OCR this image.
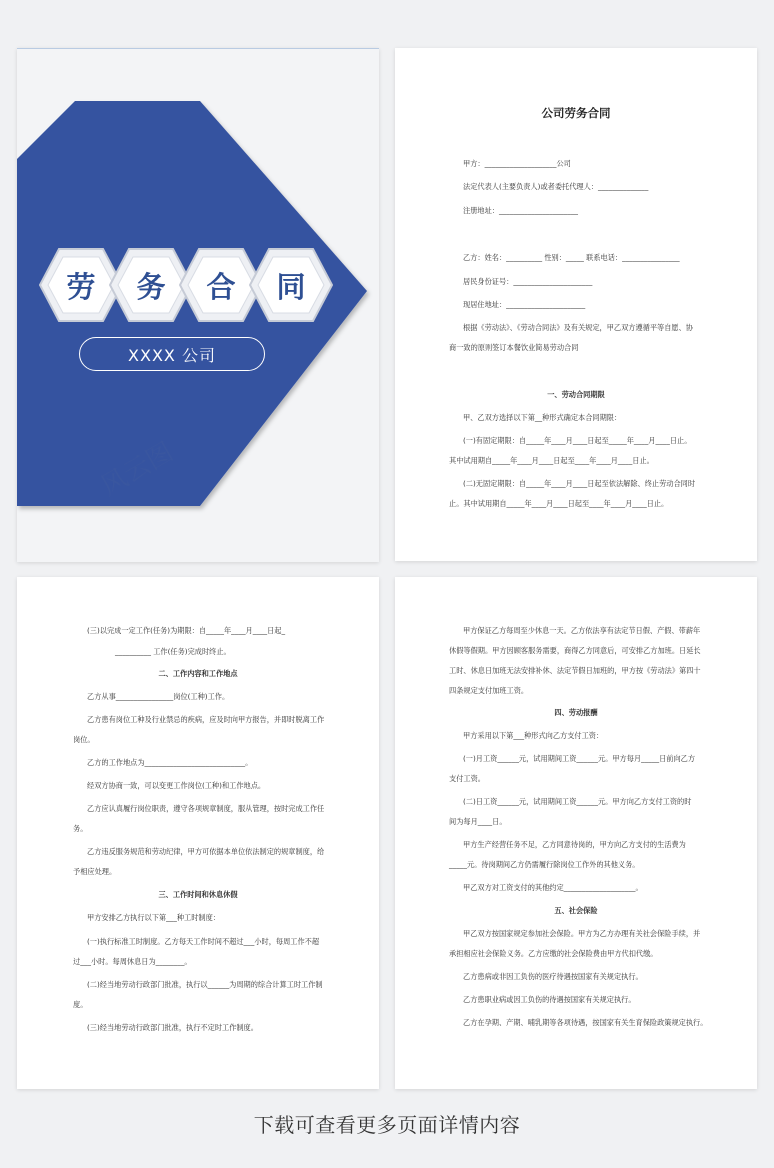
风云图
劳	务	合	同
XXXX 公司
公司劳务合同
甲方：____________________公司
法定代表人(主要负责人)或者委托代理人：______________
注册地址：______________________
乙方：姓名：__________ 性别：_____ 联系电话：________________
居民身份证号：______________________
现居住地址：______________________
根据《劳动法》、《劳动合同法》及有关规定，甲乙双方遵循平等自愿、协
商一致的原则签订本餐饮业简易劳动合同
一、劳动合同期限
甲、乙双方选择以下第__种形式确定本合同期限：
(一)有固定期限：自_____年____月____日起至_____年____月____日止。
其中试用期自_____年____月____日起至____年____月____日止。
(二)无固定期限：自_____年____月____日起至依法解除、终止劳动合同时
止。其中试用期自_____年____月____日起至____年____月____日止。
(三)以完成一定工作(任务)为期限：自_____年____月____日起_
__________ 工作(任务)完成时终止。
二、工作内容和工作地点
乙方从事________________岗位(工种)工作。
乙方患有岗位工种及行业禁忌的疾病，应及时向甲方报告，并即时脱离工作
岗位。
乙方的工作地点为____________________________。
经双方协商一致，可以变更工作岗位(工种)和工作地点。
乙方应认真履行岗位职责，遵守各项规章制度，服从管理，按时完成工作任
务。
乙方违反服务规范和劳动纪律，甲方可依据本单位依法制定的规章制度，给
予相应处理。
三、工作时间和休息休假
甲方安排乙方执行以下第___种工时制度：
(一)执行标准工时制度。乙方每天工作时间不超过___小时，每周工作不超
过___小时。每周休息日为________。
(二)经当地劳动行政部门批准，执行以______为周期的综合计算工时工作制
度。
(三)经当地劳动行政部门批准，执行不定时工作制度。
甲方保证乙方每周至少休息一天。乙方依法享有法定节日假、产假、带薪年
休假等假期。甲方因顾客服务需要，商得乙方同意后，可安排乙方加班。日延长
工时、休息日加班无法安排补休、法定节假日加班的，甲方按《劳动法》第四十
四条规定支付加班工资。
四、劳动报酬
甲方采用以下第___种形式向乙方支付工资：
(一)月工资______元，试用期间工资______元。甲方每月_____日前向乙方
支付工资。
(二)日工资______元，试用期间工资______元。甲方向乙方支付工资的时
间为每月____日。
甲方生产经营任务不足，乙方同意待岗的，甲方向乙方支付的生活费为
_____元。待岗期间乙方仍需履行除岗位工作外的其他义务。
甲乙双方对工资支付的其他约定____________________。
五、社会保险
甲乙双方按国家规定参加社会保险。甲方为乙方办理有关社会保险手续，并
承担相应社会保险义务。乙方应缴的社会保险费由甲方代扣代缴。
乙方患病或非因工负伤的医疗待遇按国家有关规定执行。
乙方患职业病或因工负伤的待遇按国家有关规定执行。
乙方在孕期、产期、哺乳期等各项待遇，按国家有关生育保险政策规定执行。
下载可查看更多页面详情内容
